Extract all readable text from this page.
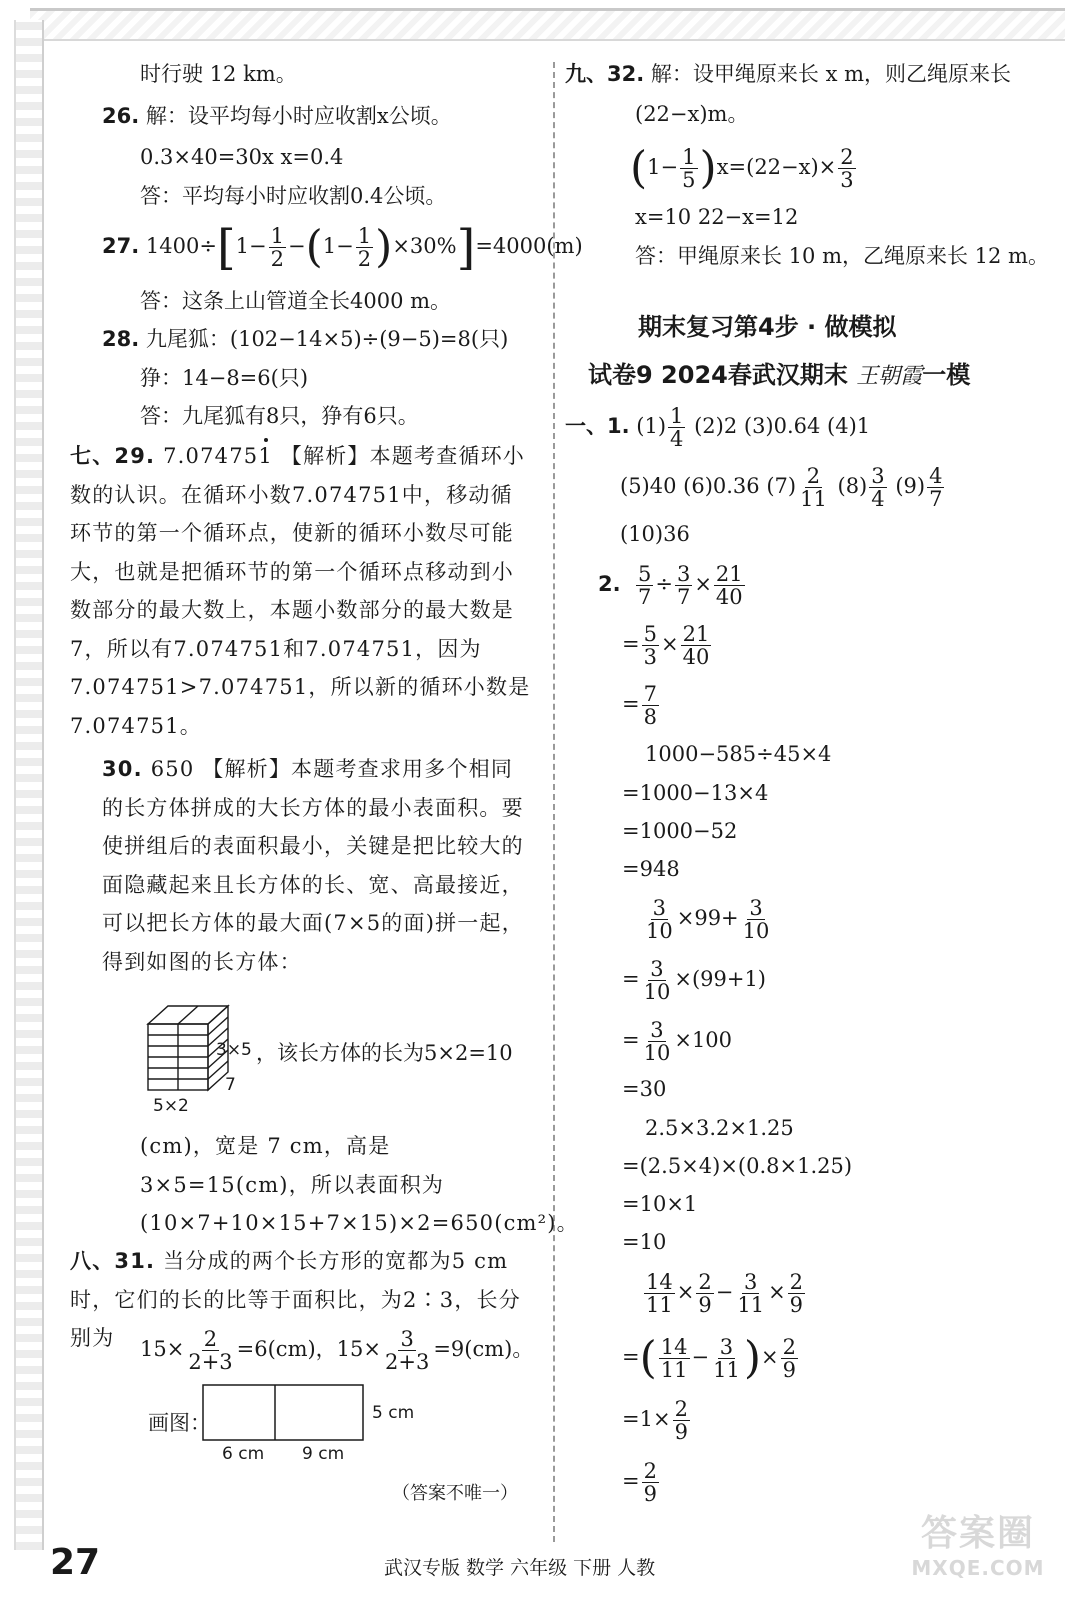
时行驶 12 km。
26. 解：设平均每小时应收割x公顷。
0.3×40=30x x=0.4
答：平均每小时应收割0.4公顷。
27. $1400\div[1- \frac{1}{2} -(1- \frac{1}{2} )\times 30\%]=4000(m)$
答：这条上山管道全长4000 m。
28. 九尾狐：(102−14×5)÷(9−5)=8(只)
狰：14−8=6(只)
答：九尾狐有8只，狰有6只。
七、29. 7.074751 【解析】本题考查循环小数的认识。在循环小数7.074751中，移动循环节的第一个循环点，使新的循环小数尽可能大，也就是把循环节的第一个循环点移动到小数部分的最大数上，本题小数部分的最大数是7，所以有7.074751和7.074751，因为7.074751>7.074751，所以新的循环小数是7.074751。
30. 650 【解析】本题考查求用多个相同的长方体拼成的大长方体的最小表面积。要使拼组后的表面积最小，关键是把比较大的面隐藏起来且长方体的长、宽、高最接近，可以把长方体的最大面(7×5的面)拼一起，得到如图的长方体：
3×5
7
5×2
，该长方体的长为5×2=10
(cm)，宽是 7 cm，高是 3×5=15(cm)，所以表面积为(10×7+10×15+7×15)×2=650(cm²)。
八、31. 当分成的两个长方形的宽都为5 cm时，它们的长的比等于面积比，为2∶3，长分别为	$15\times \frac{2}{2+3} =6(cm)$，$15\times \frac{3}{2+3} =9(cm)$。
画图：
6 cm 9 cm
5 cm
（答案不唯一）
九、32. 解：设甲绳原来长 x m，则乙绳原来长
(22−x)m。
$(1- \frac{1}{5} )x=(22-x)\times \frac{2}{3}$
x=10 22−x=12
答：甲绳原来长 10 m，乙绳原来长 12 m。
期末复习第4步 · 做模拟
试卷9 2024春武汉期末 王朝霞一模
一、1. $(1) \frac{1}{4} (2)2$ (3)0.64 (4)1
(5)40 (6)0.36 $(7) \frac{2}{11} (8) \frac{3}{4} (9) \frac{4}{7}$
(10)36
2. $\frac{5}{7} \div \frac{3}{7} \times \frac{21}{40}$
= $\frac{5}{3} \times \frac{21}{40}$
= $\frac{7}{8}$
1000−585÷45×4
=1000−13×4
=1000−52
=948
$\frac{3}{10} \times 99+ \frac{3}{10}$
= $\frac{3}{10} \times(99+1)$
= $\frac{3}{10} \times 100$
=30
2.5×3.2×1.25
=(2.5×4)×(0.8×1.25)
=10×1
=10
$\frac{14}{11} \times \frac{2}{9} - \frac{3}{11} \times \frac{2}{9}$
=( $\frac{14}{11} - \frac{3}{11}$ )× $\frac{2}{9}$
$=1\times \frac{2}{9}$
= $\frac{2}{9}$
27	武汉专版 数学 六年级 下册 人教
答案圈
MXQE.COM
